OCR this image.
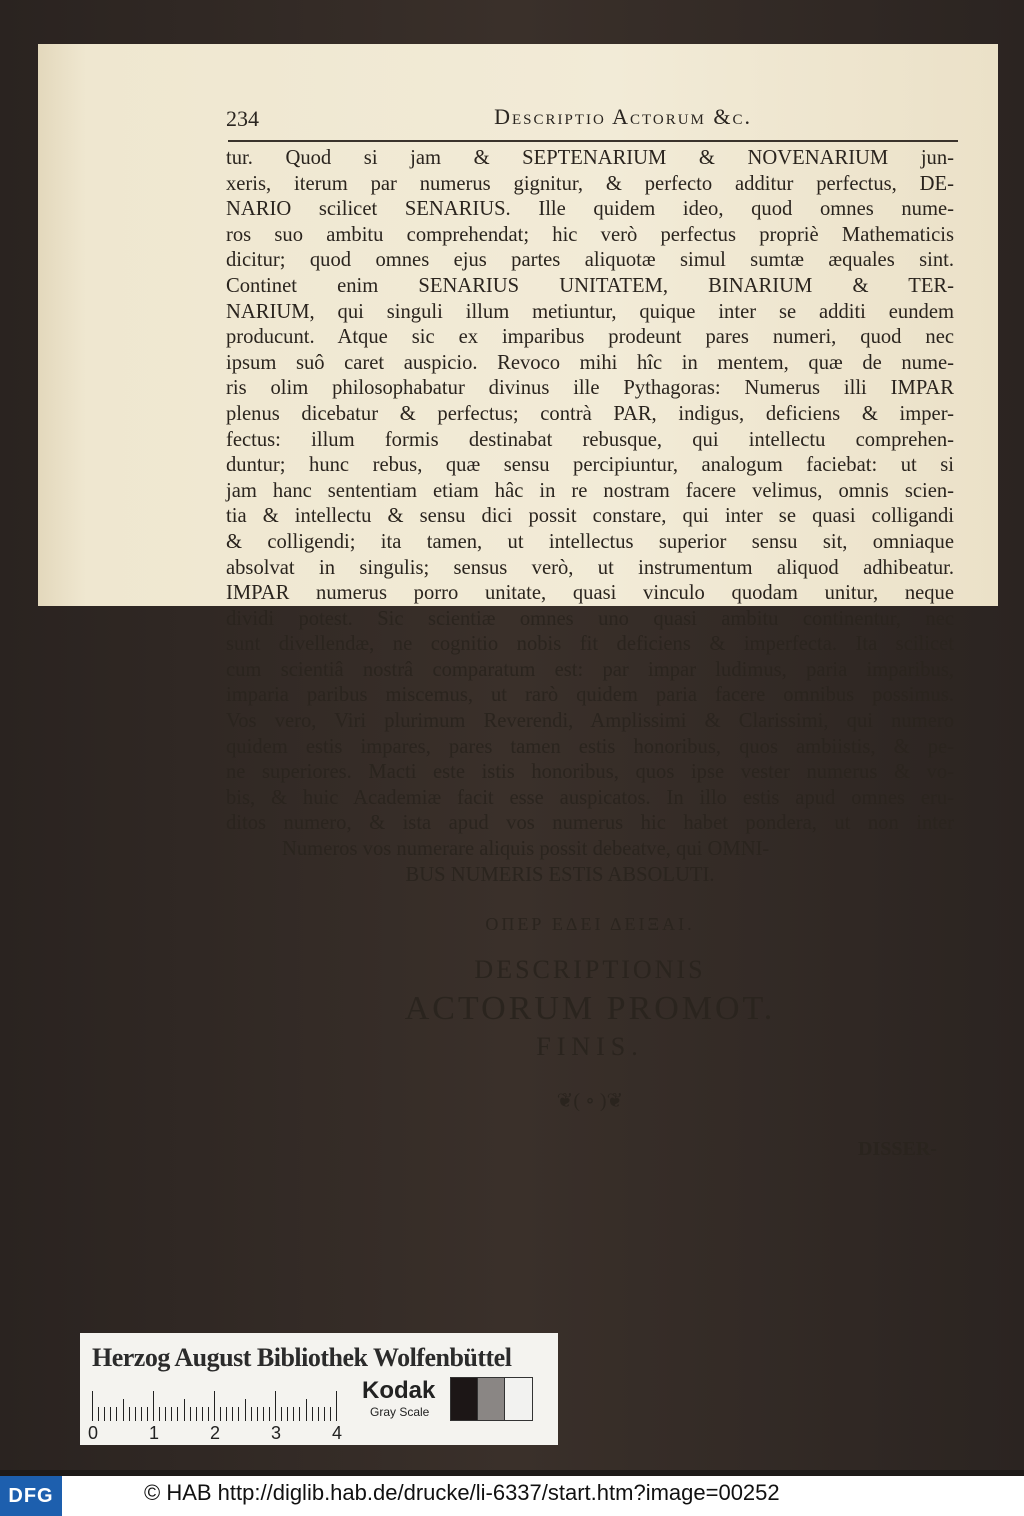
234	Descriptio Actorum &c.
tur. Quod si jam & SEPTENARIUM & NOVENARIUM jun-
xeris, iterum par numerus gignitur, & perfecto additur perfectus, DE-
NARIO scilicet SENARIUS. Ille quidem ideo, quod omnes nume-
ros suo ambitu comprehendat; hic verò perfectus propriè Mathematicis
dicitur; quod omnes ejus partes aliquotæ simul sumtæ æquales sint.
Continet enim SENARIUS UNITATEM, BINARIUM & TER-
NARIUM, qui singuli illum metiuntur, quique inter se additi eundem
producunt. Atque sic ex imparibus prodeunt pares numeri, quod nec
ipsum suô caret auspicio. Revoco mihi hîc in mentem, quæ de nume-
ris olim philosophabatur divinus ille Pythagoras: Numerus illi IMPAR
plenus dicebatur & perfectus; contrà PAR, indigus, deficiens & imper-
fectus: illum formis destinabat rebusque, qui intellectu comprehen-
duntur; hunc rebus, quæ sensu percipiuntur, analogum faciebat: ut si
jam hanc sententiam etiam hâc in re nostram facere velimus, omnis scien-
tia & intellectu & sensu dici possit constare, qui inter se quasi colligandi
& colligendi; ita tamen, ut intellectus superior sensu sit, omniaque
absolvat in singulis; sensus verò, ut instrumentum aliquod adhibeatur.
IMPAR numerus porro unitate, quasi vinculo quodam unitur, neque
dividi potest. Sic scientiæ omnes uno quasi ambitu continentur, nec
sunt divellendæ, ne cognitio nobis fit deficiens & imperfecta. Ita scilicet
cum scientiâ nostrâ comparatum est: par impar ludimus, paria imparibus,
imparia paribus miscemus, ut rarò quidem paria facere omnibus possimus.
Vos vero, Viri plurimum Reverendi, Amplissimi & Clarissimi, qui numero
quidem estis impares, pares tamen estis honoribus, quos ambiistis, & pe-
ne superiores. Macti este istis honoribus, quos ipse vester numerus & vo-
bis, & huic Academiæ facit esse auspicatos. In illo estis apud omnes eru-
ditos numero, & ista apud vos numerus hic habet pondera, ut non inter
Numeros vos numerare aliquis possit debeatve, qui OMNI-
BUS NUMERIS ESTIS ABSOLUTI.
ΟΠΕΡ ΕΔΕΙ ΔΕΙΞΑΙ.
DESCRIPTIONIS
ACTORUM PROMOT.
FINIS.
❦( ∘ )❦
DISSER-
Herzog August Bibliothek Wolfenbüttel
0	1	2	3	4
Kodak
Gray Scale
DFG	© HAB http://diglib.hab.de/drucke/li-6337/start.htm?image=00252
